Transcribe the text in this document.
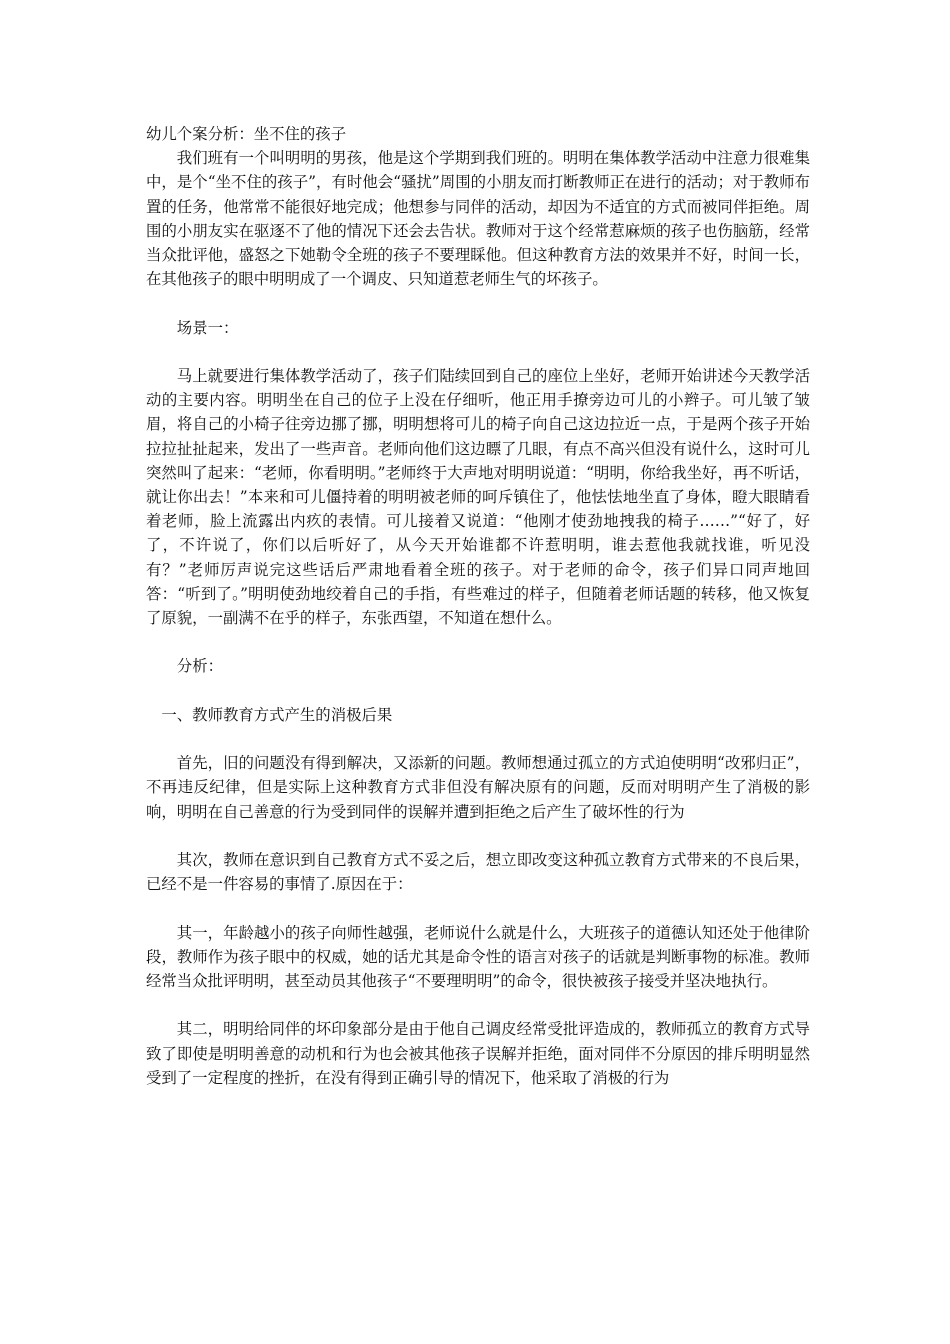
幼儿个案分析：坐不住的孩子

我们班有一个叫明明的男孩，他是这个学期到我们班的。明明在集体教学活动中注意力很难集中，是个“坐不住的孩子”，有时他会“骚扰”周围的小朋友而打断教师正在进行的活动；对于教师布置的任务，他常常不能很好地完成；他想参与同伴的活动，却因为不适宜的方式而被同伴拒绝。周围的小朋友实在驱逐不了他的情况下还会去告状。教师对于这个经常惹麻烦的孩子也伤脑筋，经常当众批评他，盛怒之下她勒令全班的孩子不要理睬他。但这种教育方法的效果并不好，时间一长，在其他孩子的眼中明明成了一个调皮、只知道惹老师生气的坏孩子。

场景一：

马上就要进行集体教学活动了，孩子们陆续回到自己的座位上坐好，老师开始讲述今天教学活动的主要内容。明明坐在自己的位子上没在仔细听，他正用手撩旁边可儿的小辫子。可儿皱了皱眉，将自己的小椅子往旁边挪了挪，明明想将可儿的椅子向自己这边拉近一点，于是两个孩子开始拉拉扯扯起来，发出了一些声音。老师向他们这边瞟了几眼，有点不高兴但没有说什么，这时可儿突然叫了起来：“老师，你看明明。”老师终于大声地对明明说道：“明明，你给我坐好，再不听话，就让你出去！”本来和可儿僵持着的明明被老师的呵斥镇住了，他怯怯地坐直了身体，瞪大眼睛看着老师，脸上流露出内疚的表情。可儿接着又说道：“他刚才使劲地拽我的椅子……”“好了，好了，不许说了，你们以后听好了，从今天开始谁都不许惹明明，谁去惹他我就找谁，听见没有？”老师厉声说完这些话后严肃地看着全班的孩子。对于老师的命令，孩子们异口同声地回答：“听到了。”明明使劲地绞着自己的手指，有些难过的样子，但随着老师话题的转移，他又恢复了原貌，一副满不在乎的样子，东张西望，不知道在想什么。

分析：

一、教师教育方式产生的消极后果

首先，旧的问题没有得到解决，又添新的问题。教师想通过孤立的方式迫使明明“改邪归正”，不再违反纪律，但是实际上这种教育方式非但没有解决原有的问题，反而对明明产生了消极的影响，明明在自己善意的行为受到同伴的误解并遭到拒绝之后产生了破坏性的行为

其次，教师在意识到自己教育方式不妥之后，想立即改变这种孤立教育方式带来的不良后果，已经不是一件容易的事情了.原因在于：

其一，年龄越小的孩子向师性越强，老师说什么就是什么，大班孩子的道德认知还处于他律阶段，教师作为孩子眼中的权威，她的话尤其是命令性的语言对孩子的话就是判断事物的标准。教师经常当众批评明明，甚至动员其他孩子“不要理明明”的命令，很快被孩子接受并坚决地执行。

其二，明明给同伴的坏印象部分是由于他自己调皮经常受批评造成的，教师孤立的教育方式导致了即使是明明善意的动机和行为也会被其他孩子误解并拒绝，面对同伴不分原因的排斥明明显然受到了一定程度的挫折，在没有得到正确引导的情况下，他采取了消极的行为
